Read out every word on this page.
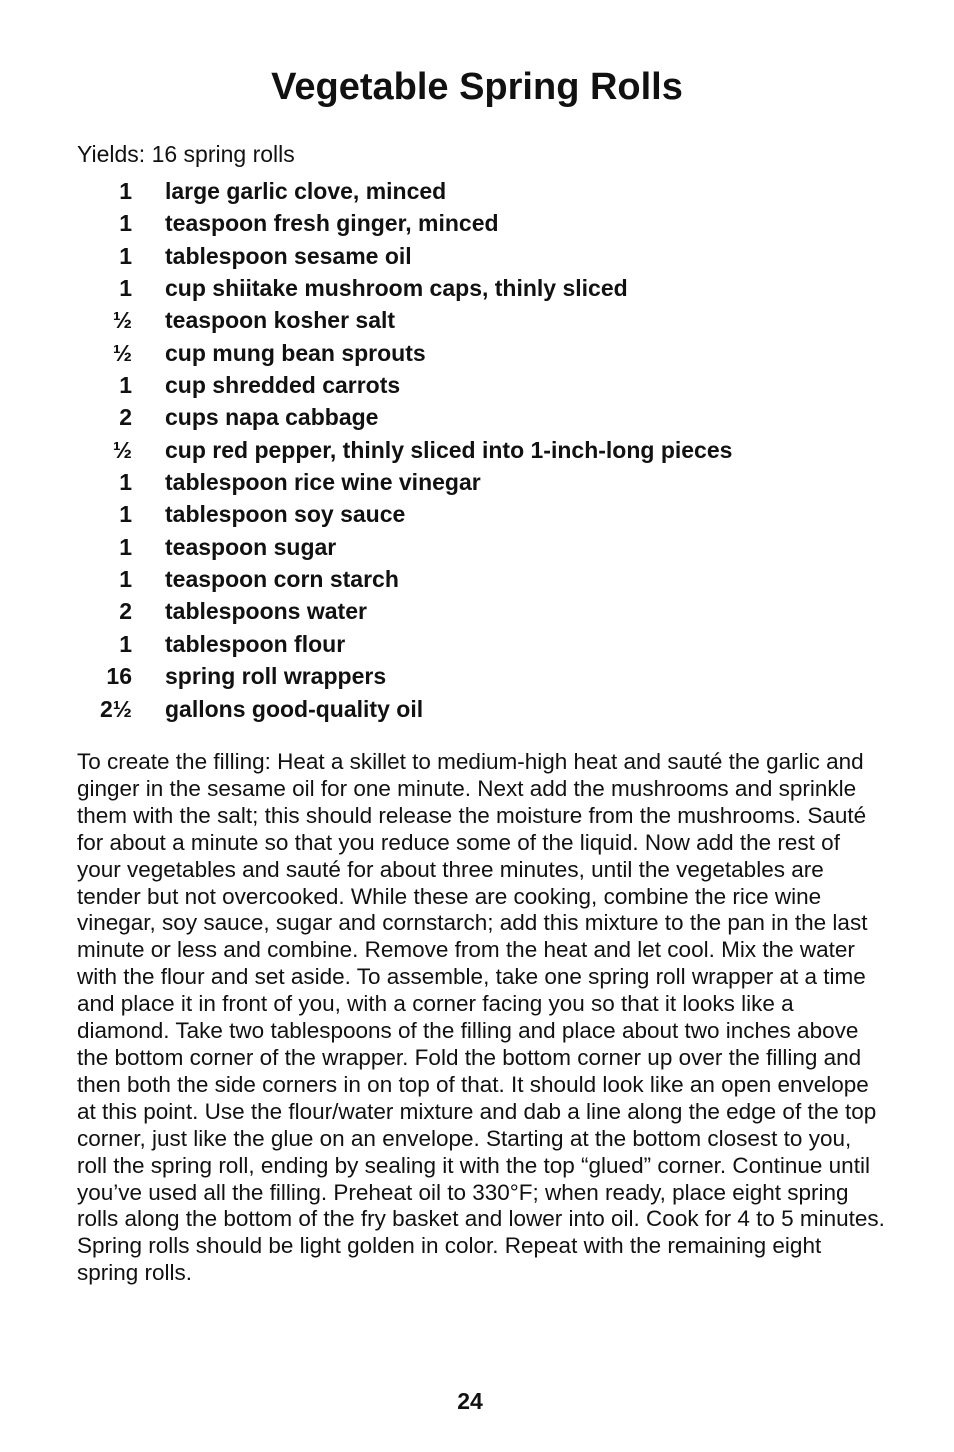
Vegetable Spring Rolls
Yields: 16 spring rolls
1 large garlic clove, minced
1 teaspoon fresh ginger, minced
1 tablespoon sesame oil
1 cup shiitake mushroom caps, thinly sliced
½ teaspoon kosher salt
½ cup mung bean sprouts
1 cup shredded carrots
2 cups napa cabbage
½ cup red pepper, thinly sliced into 1-inch-long pieces
1 tablespoon rice wine vinegar
1 tablespoon soy sauce
1 teaspoon sugar
1 teaspoon corn starch
2 tablespoons water
1 tablespoon flour
16 spring roll wrappers
2½ gallons good-quality oil

To create the filling: Heat a skillet to medium-high heat and sauté the garlic and ginger in the sesame oil for one minute. Next add the mushrooms and sprinkle them with the salt; this should release the moisture from the mushrooms. Sauté for about a minute so that you reduce some of the liquid. Now add the rest of your vegetables and sauté for about three minutes, until the vegetables are tender but not overcooked. While these are cooking, combine the rice wine vinegar, soy sauce, sugar and cornstarch; add this mixture to the pan in the last minute or less and combine. Remove from the heat and let cool. Mix the water with the flour and set aside. To assemble, take one spring roll wrapper at a time and place it in front of you, with a corner facing you so that it looks like a diamond. Take two tablespoons of the filling and place about two inches above the bottom corner of the wrapper. Fold the bottom corner up over the filling and then both the side corners in on top of that. It should look like an open envelope at this point. Use the flour/water mixture and dab a line along the edge of the top corner, just like the glue on an envelope. Starting at the bottom closest to you, roll the spring roll, ending by sealing it with the top “glued” corner. Continue until you’ve used all the filling. Preheat oil to 330°F; when ready, place eight spring rolls along the bottom of the fry basket and lower into oil. Cook for 4 to 5 minutes. Spring rolls should be light golden in color. Repeat with the remaining eight spring rolls.

24
